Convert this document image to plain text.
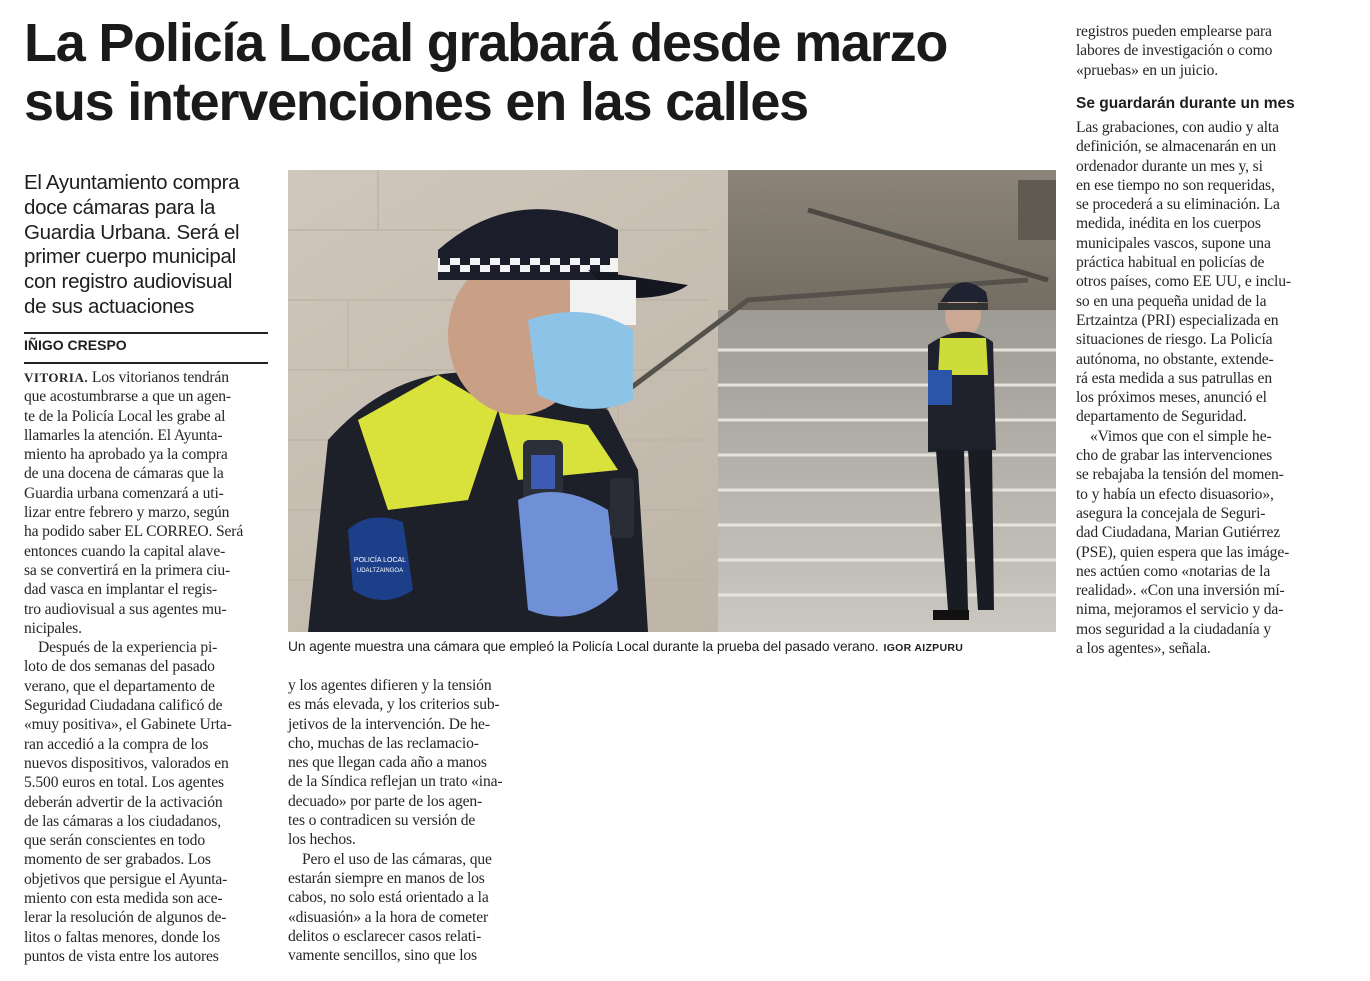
La Policía Local grabará desde marzo
sus intervenciones en las calles
El Ayuntamiento compra
doce cámaras para la
Guardia Urbana. Será el
primer cuerpo municipal
con registro audiovisual
de sus actuaciones
IÑIGO CRESPO
VITORIA. Los vitorianos tendrán
que acostumbrarse a que un agen-
te de la Policía Local les grabe al
llamarles la atención. El Ayunta-
miento ha aprobado ya la compra
de una docena de cámaras que la
Guardia urbana comenzará a uti-
lizar entre febrero y marzo, según
ha podido saber EL CORREO. Será
entonces cuando la capital alave-
sa se convertirá en la primera ciu-
dad vasca en implantar el regis-
tro audiovisual a sus agentes mu-
nicipales.
Después de la experiencia pi-
loto de dos semanas del pasado
verano, que el departamento de
Seguridad Ciudadana calificó de
«muy positiva», el Gabinete Urta-
ran accedió a la compra de los
nuevos dispositivos, valorados en
5.500 euros en total. Los agentes
deberán advertir de la activación
de las cámaras a los ciudadanos,
que serán conscientes en todo
momento de ser grabados. Los
objetivos que persigue el Ayunta-
miento con esta medida son ace-
lerar la resolución de algunos de-
litos o faltas menores, donde los
puntos de vista entre los autores
POLICÍA LOCAL
UDALTZAINGOA
Un agente muestra una cámara que empleó la Policía Local durante la prueba del pasado verano. IGOR AIZPURU
y los agentes difieren y la tensión
es más elevada, y los criterios sub-
jetivos de la intervención. De he-
cho, muchas de las reclamacio-
nes que llegan cada año a manos
de la Síndica reflejan un trato «ina-
decuado» por parte de los agen-
tes o contradicen su versión de
los hechos.
Pero el uso de las cámaras, que
estarán siempre en manos de los
cabos, no solo está orientado a la
«disuasión» a la hora de cometer
delitos o esclarecer casos relati-
vamente sencillos, sino que los
registros pueden emplearse para
labores de investigación o como
«pruebas» en un juicio.
Se guardarán durante un mes
Las grabaciones, con audio y alta
definición, se almacenarán en un
ordenador durante un mes y, si
en ese tiempo no son requeridas,
se procederá a su eliminación. La
medida, inédita en los cuerpos
municipales vascos, supone una
práctica habitual en policías de
otros países, como EE UU, e inclu-
so en una pequeña unidad de la
Ertzaintza (PRI) especializada en
situaciones de riesgo. La Policía
autónoma, no obstante, extende-
rá esta medida a sus patrullas en
los próximos meses, anunció el
departamento de Seguridad.
«Vimos que con el simple he-
cho de grabar las intervenciones
se rebajaba la tensión del momen-
to y había un efecto disuasorio»,
asegura la concejala de Seguri-
dad Ciudadana, Marian Gutiérrez
(PSE), quien espera que las imáge-
nes actúen como «notarias de la
realidad». «Con una inversión mí-
nima, mejoramos el servicio y da-
mos seguridad a la ciudadanía y
a los agentes», señala.
